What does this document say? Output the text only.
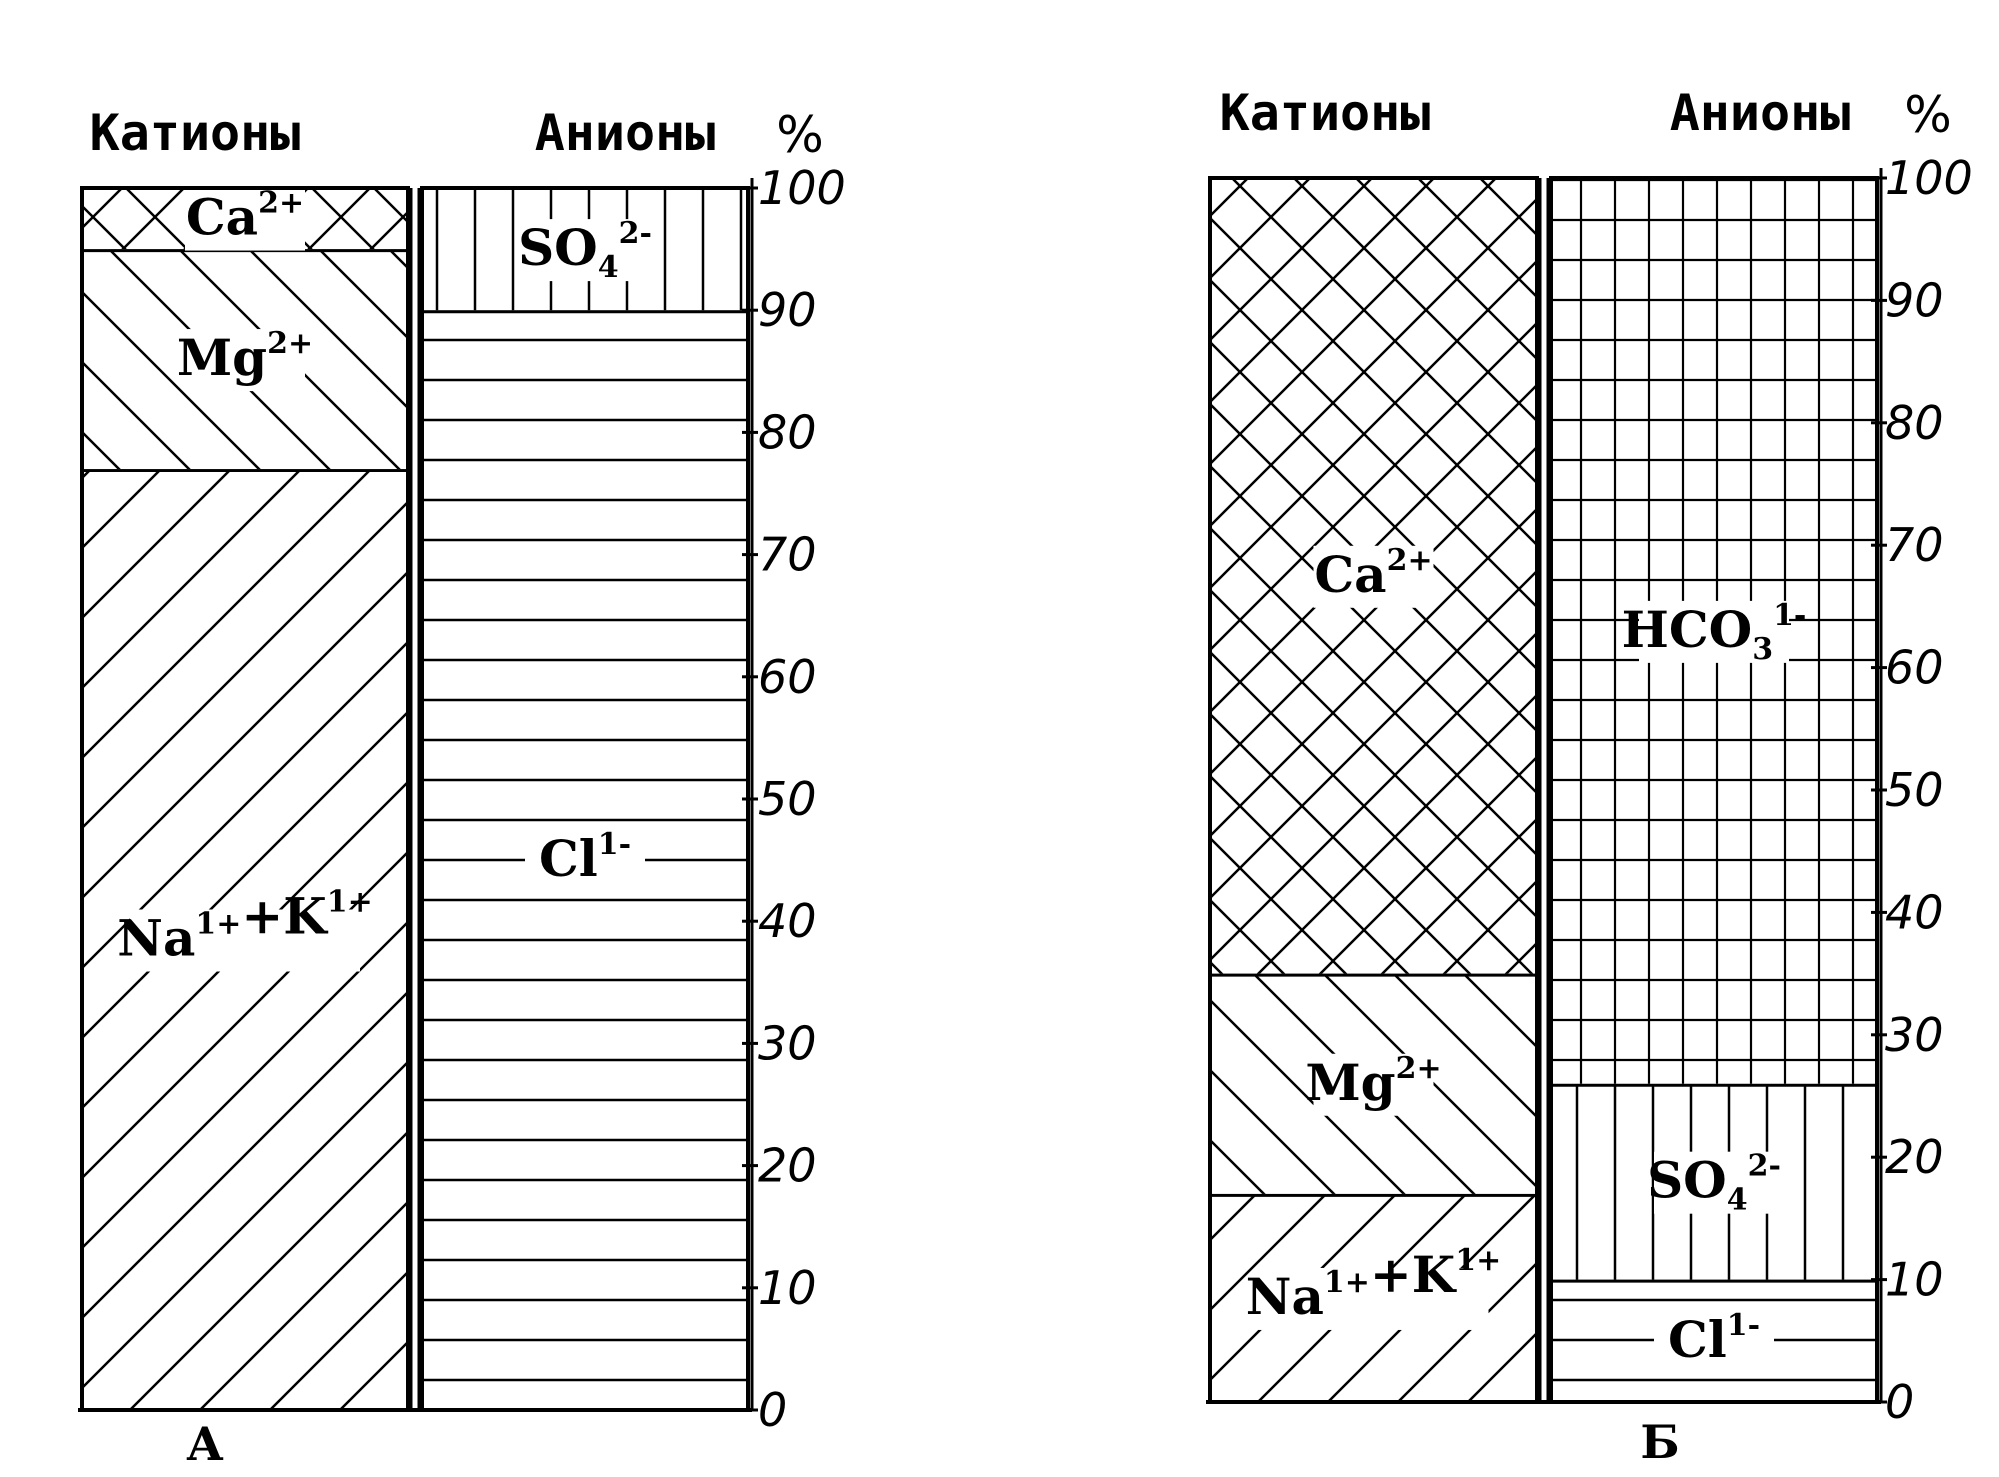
Катионы	Анионы %
$Na^{1+}+K^{1+}$
$Mg^{2+}$
$Ca^{2+}$
$Cl^{1-}$
$SO_4^{2-}$
0
10
20
30
40
50
60
70
80
90
100
А
Катионы	Анионы %
$Na^{1+}+K^{1+}$
$Mg^{2+}$
$Ca^{2+}$
$Cl^{1-}$
$SO_4^{2-}$
$HCO_3^{1-}$
0
10
20
30
40
50
60
70
80
90
100
Б
